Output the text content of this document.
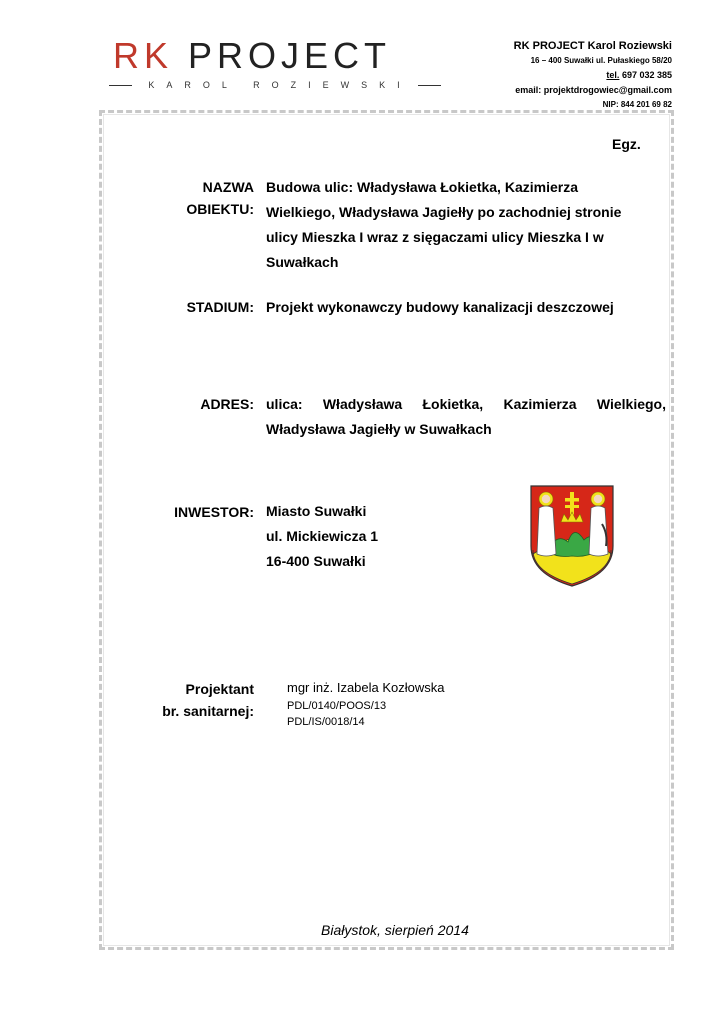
RK PROJECT
KAROL ROZIEWSKI
RK PROJECT Karol Roziewski
16 – 400 Suwałki ul. Pułaskiego 58/20
tel. 697 032 385
email: projektdrogowiec@gmail.com
NIP: 844 201 69 82
Egz.
NAZWA
OBIEKTU:
Budowa ulic: Władysława Łokietka, Kazimierza
Wielkiego, Władysława Jagiełły po zachodniej stronie
ulicy Mieszka I wraz z sięgaczami ulicy Mieszka I w
Suwałkach
STADIUM: Projekt wykonawczy budowy kanalizacji deszczowej
ADRES: ulica: Władysława Łokietka, Kazimierza Wielkiego,
Władysława Jagiełły w Suwałkach
INWESTOR: Miasto Suwałki
ul. Mickiewicza 1
16-400 Suwałki
Projektant
br. sanitarnej:
mgr inż. Izabela Kozłowska
PDL/0140/POOS/13
PDL/IS/0018/14
Białystok, sierpień 2014
